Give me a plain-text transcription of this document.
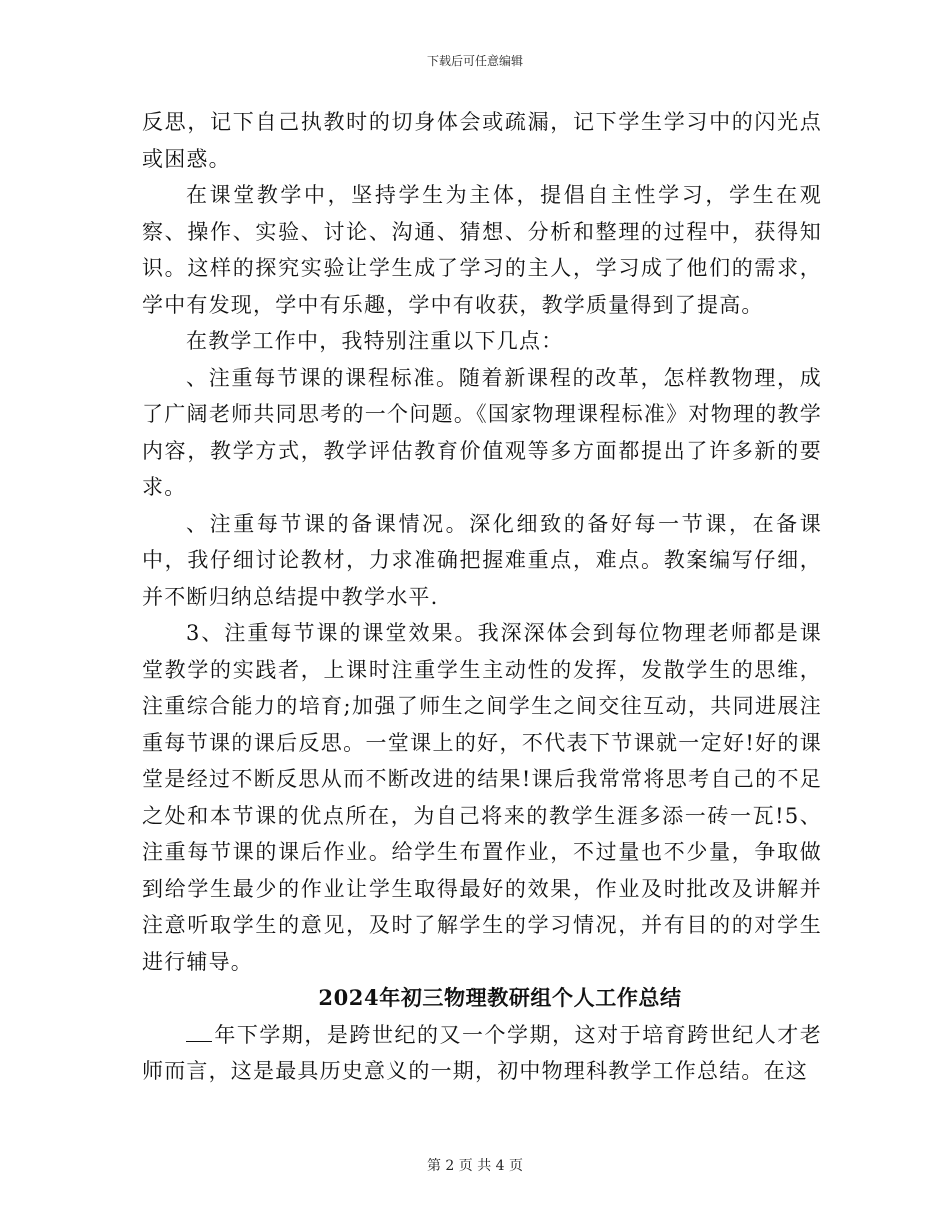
下载后可任意编辑

反思，记下自己执教时的切身体会或疏漏，记下学生学习中的闪光点或困惑。

在课堂教学中，坚持学生为主体，提倡自主性学习，学生在观察、操作、实验、讨论、沟通、猜想、分析和整理的过程中，获得知识。这样的探究实验让学生成了学习的主人，学习成了他们的需求，学中有发现，学中有乐趣，学中有收获，教学质量得到了提高。

在教学工作中，我特别注重以下几点：

、注重每节课的课程标准。随着新课程的改革，怎样教物理，成了广阔老师共同思考的一个问题。《国家物理课程标准》对物理的教学内容，教学方式，教学评估教育价值观等多方面都提出了许多新的要求。

、注重每节课的备课情况。深化细致的备好每一节课，在备课中，我仔细讨论教材，力求准确把握难重点，难点。教案编写仔细，并不断归纳总结提中教学水平.

3、注重每节课的课堂效果。我深深体会到每位物理老师都是课堂教学的实践者，上课时注重学生主动性的发挥，发散学生的思维，注重综合能力的培育;加强了师生之间学生之间交往互动，共同进展注重每节课的课后反思。一堂课上的好，不代表下节课就一定好!好的课堂是经过不断反思从而不断改进的结果!课后我常常将思考自己的不足之处和本节课的优点所在，为自己将来的教学生涯多添一砖一瓦!5、注重每节课的课后作业。给学生布置作业，不过量也不少量，争取做到给学生最少的作业让学生取得最好的效果，作业及时批改及讲解并注意听取学生的意见，及时了解学生的学习情况，并有目的的对学生进行辅导。

2024年初三物理教研组个人工作总结

年下学期，是跨世纪的又一个学期，这对于培育跨世纪人才老师而言，这是最具历史意义的一期，初中物理科教学工作总结。在这

第 2 页 共 4 页
